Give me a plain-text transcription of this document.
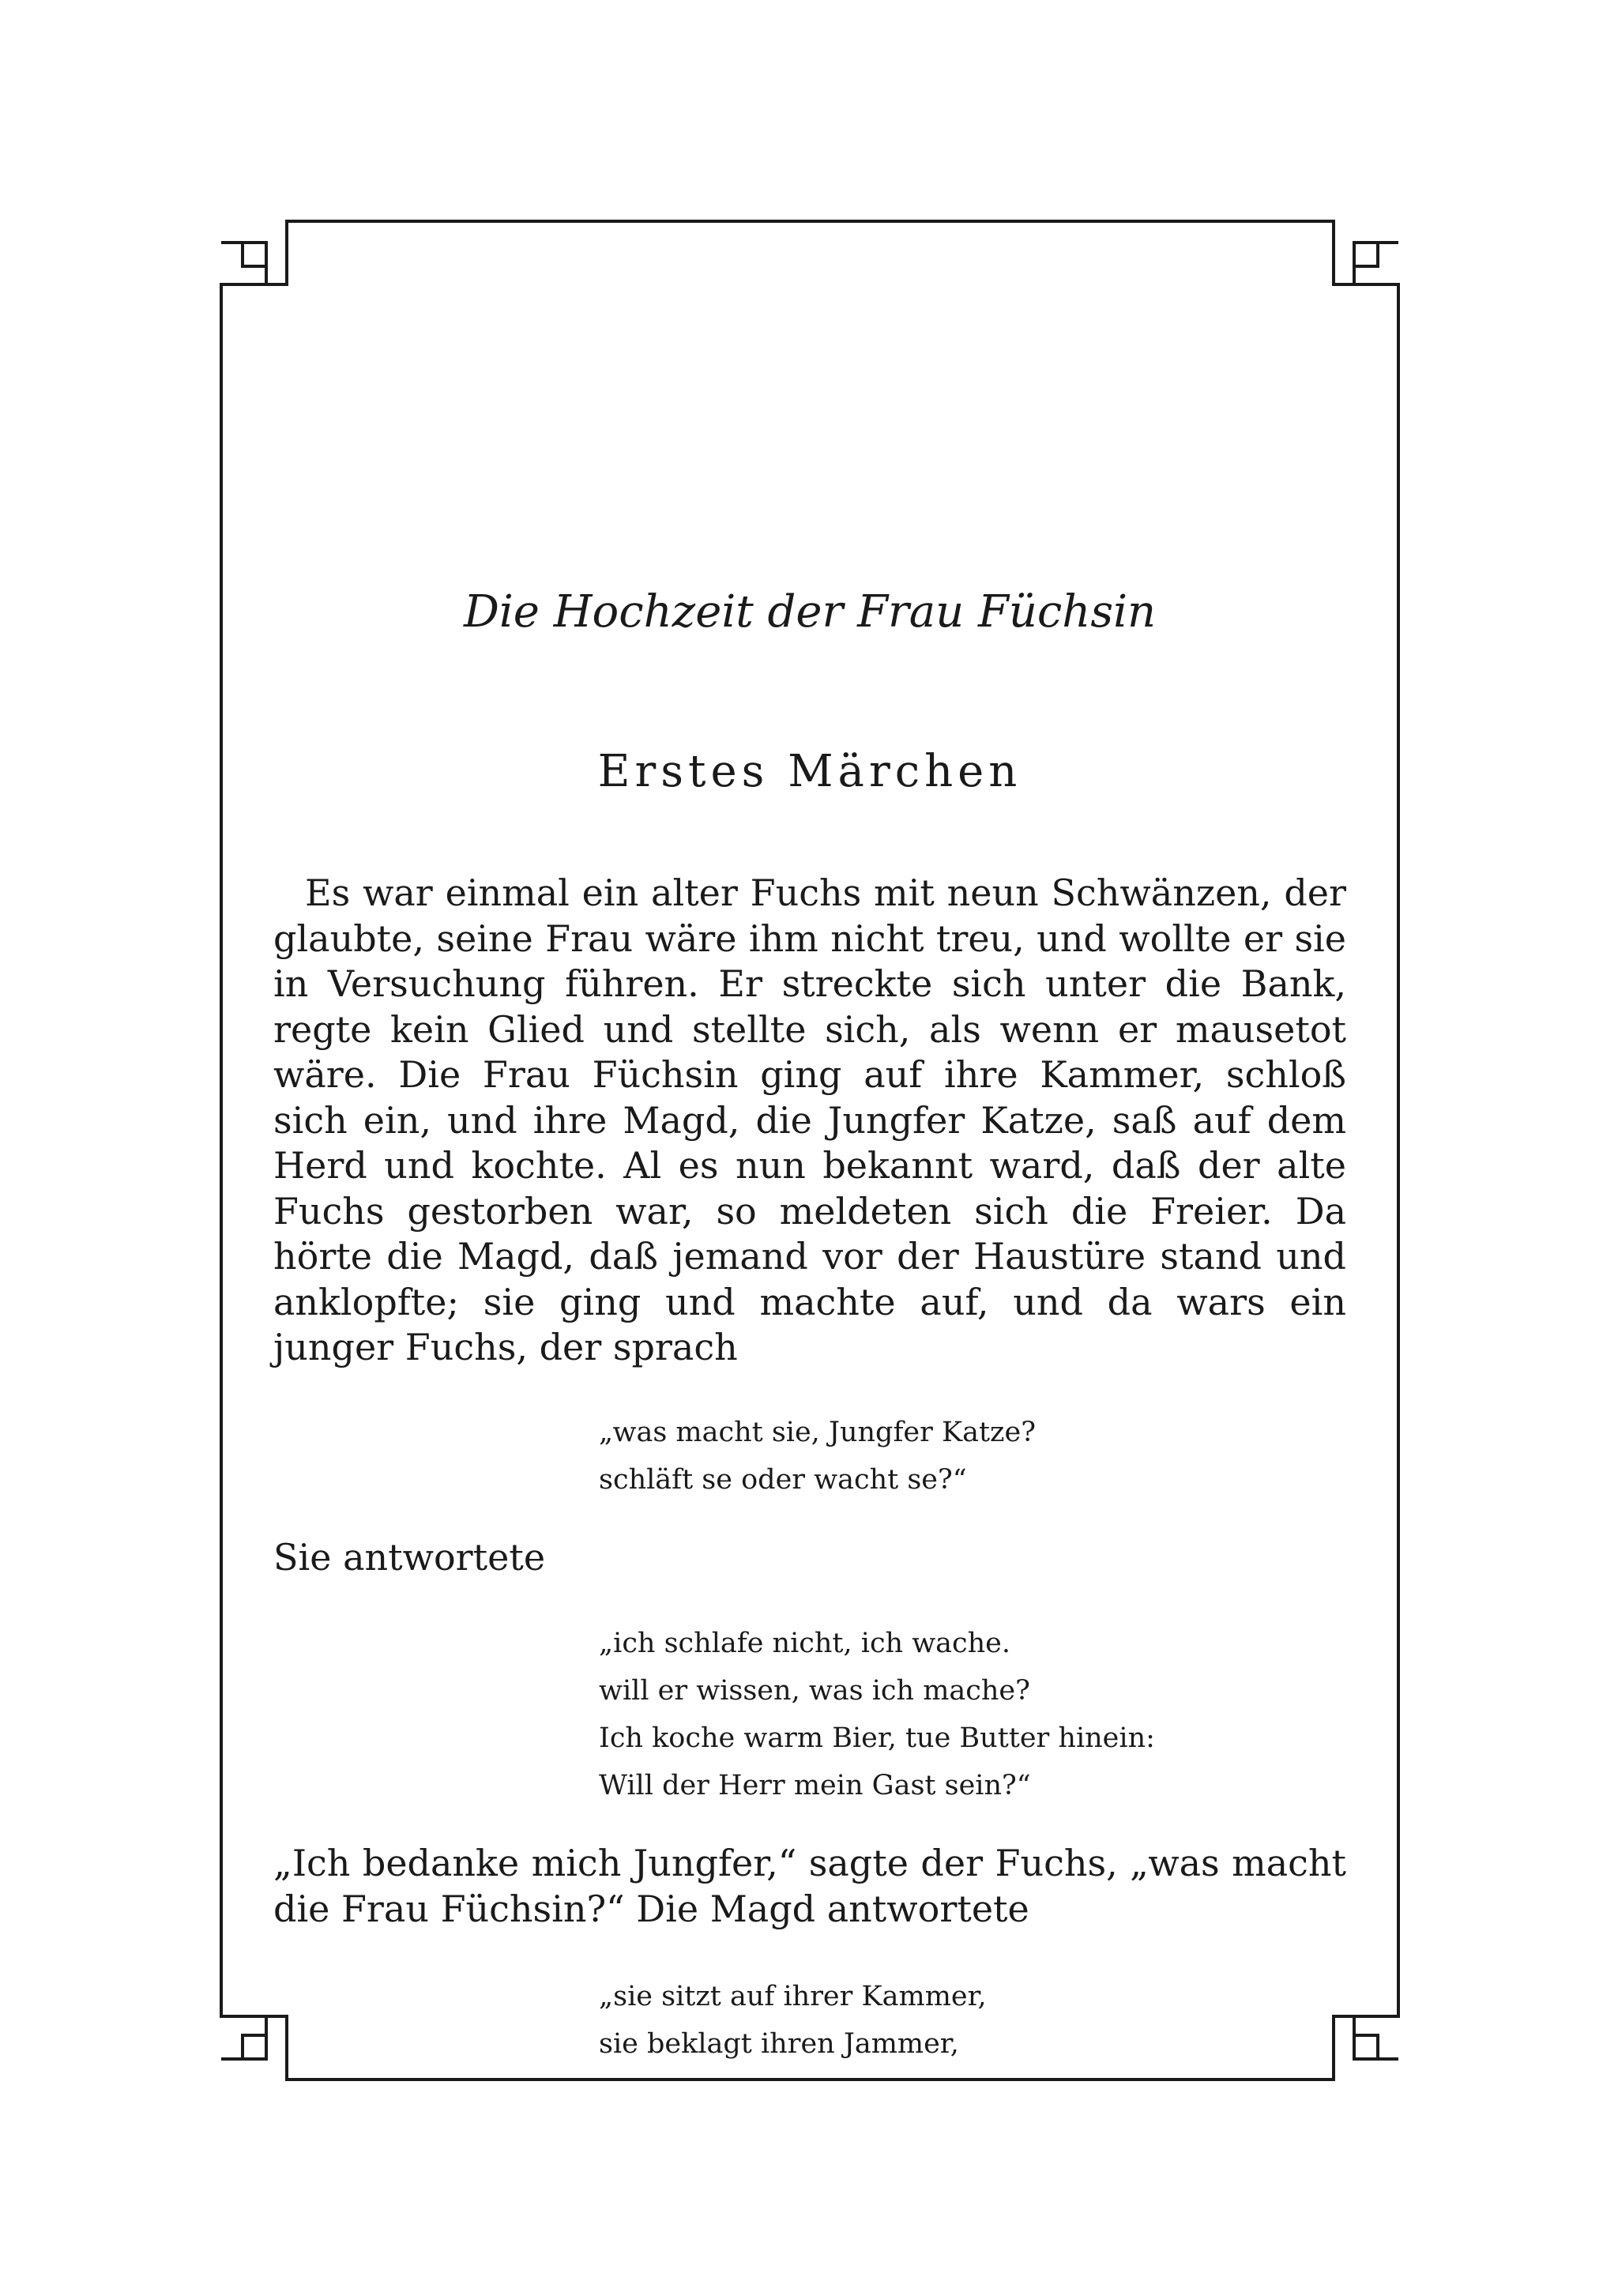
Die Hochzeit der Frau Füchsin
Erstes Märchen

Es war einmal ein alter Fuchs mit neun Schwänzen, der glaubte, seine Frau wäre ihm nicht treu, und wollte er sie in Versuchung führen. Er streckte sich unter die Bank, regte kein Glied und stellte sich, als wenn er mausetot wäre. Die Frau Füchsin ging auf ihre Kammer, schloß sich ein, und ihre Magd, die Jungfer Katze, saß auf dem Herd und kochte. Al es nun bekannt ward, daß der alte Fuchs gestorben war, so meldeten sich die Freier. Da hörte die Magd, daß jemand vor der Haustüre stand und anklopfte; sie ging und machte auf, und da wars ein junger Fuchs, der sprach

„was macht sie, Jungfer Katze?
schläft se oder wacht se?“

Sie antwortete

„ich schlafe nicht, ich wache.
will er wissen, was ich mache?
Ich koche warm Bier, tue Butter hinein:
Will der Herr mein Gast sein?“

„Ich bedanke mich Jungfer,“ sagte der Fuchs, „was macht die Frau Füchsin?“ Die Magd antwortete

„sie sitzt auf ihrer Kammer,
sie beklagt ihren Jammer,
